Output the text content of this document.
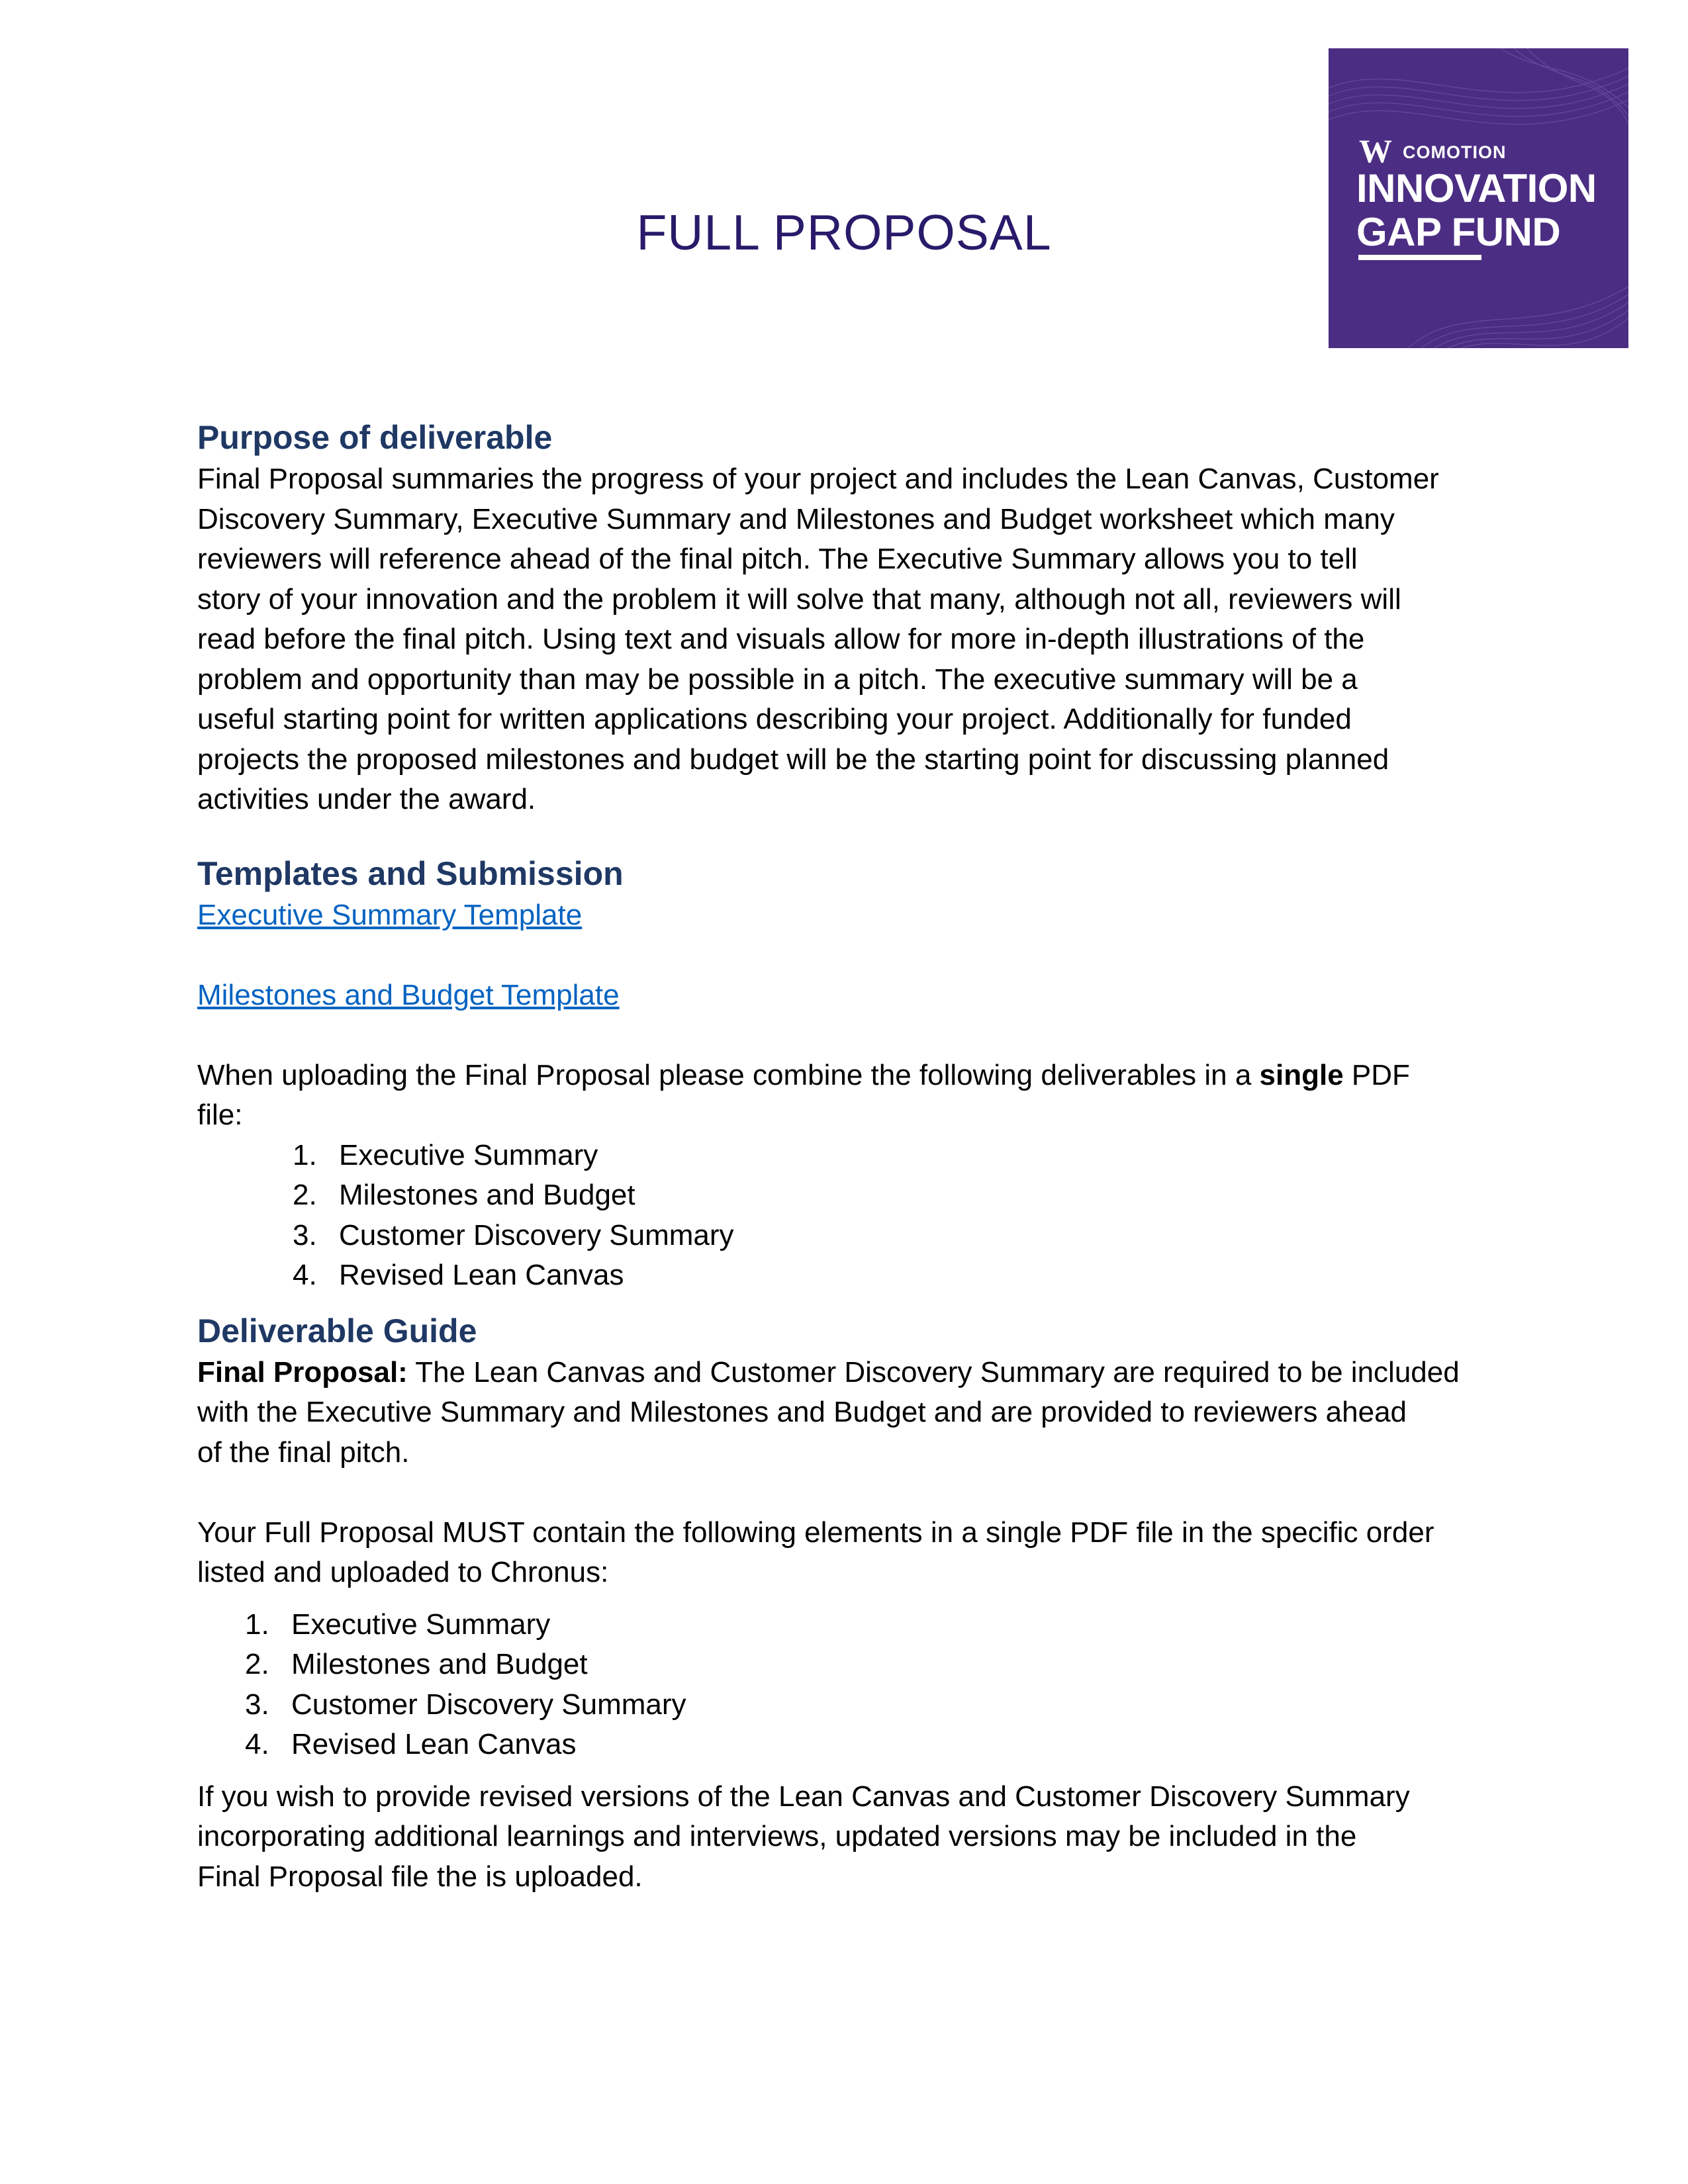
W COMOTION
INNOVATION
GAP FUND
FULL PROPOSAL
Purpose of deliverable

Final Proposal summaries the progress of your project and includes the Lean Canvas, Customer

Discovery Summary, Executive Summary and Milestones and Budget worksheet which many

reviewers will reference ahead of the final pitch. The Executive Summary allows you to tell

story of your innovation and the problem it will solve that many, although not all, reviewers will

read before the final pitch. Using text and visuals allow for more in-depth illustrations of the

problem and opportunity than may be possible in a pitch. The executive summary will be a

useful starting point for written applications describing your project. Additionally for funded

projects the proposed milestones and budget will be the starting point for discussing planned

activities under the award.

Templates and Submission

Executive Summary Template

Milestones and Budget Template

When uploading the Final Proposal please combine the following deliverables in a single PDF

file:

1. Executive Summary
2. Milestones and Budget
3. Customer Discovery Summary
4. Revised Lean Canvas
Deliverable Guide

Final Proposal: The Lean Canvas and Customer Discovery Summary are required to be included

with the Executive Summary and Milestones and Budget and are provided to reviewers ahead

of the final pitch.

Your Full Proposal MUST contain the following elements in a single PDF file in the specific order

listed and uploaded to Chronus:

1. Executive Summary
2. Milestones and Budget
3. Customer Discovery Summary
4. Revised Lean Canvas

If you wish to provide revised versions of the Lean Canvas and Customer Discovery Summary

incorporating additional learnings and interviews, updated versions may be included in the

Final Proposal file the is uploaded.
